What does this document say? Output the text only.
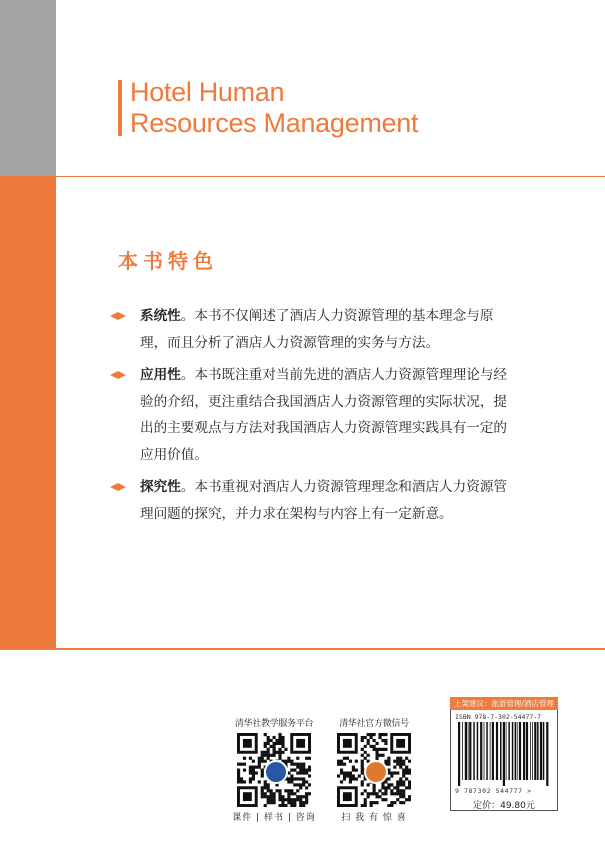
Hotel Human
Resources Management
本书特色
系统性。本书不仅阐述了酒店人力资源管理的基本理念与原理，而且分析了酒店人力资源管理的实务与方法。
应用性。本书既注重对当前先进的酒店人力资源管理理论与经验的介绍，更注重结合我国酒店人力资源管理的实际状况，提出的主要观点与方法对我国酒店人力资源管理实践具有一定的应用价值。
探究性。本书重视对酒店人力资源管理理念和酒店人力资源管理问题的探究，并力求在架构与内容上有一定新意。
清华社教学服务平台
课件 | 样书 | 咨询
清华社官方微信号
扫 我 有 惊 喜
上架建议：旅游管理/酒店管理
ISBN 978-7-302-54477-7
9 787302 544777 >
定价：49.80元
